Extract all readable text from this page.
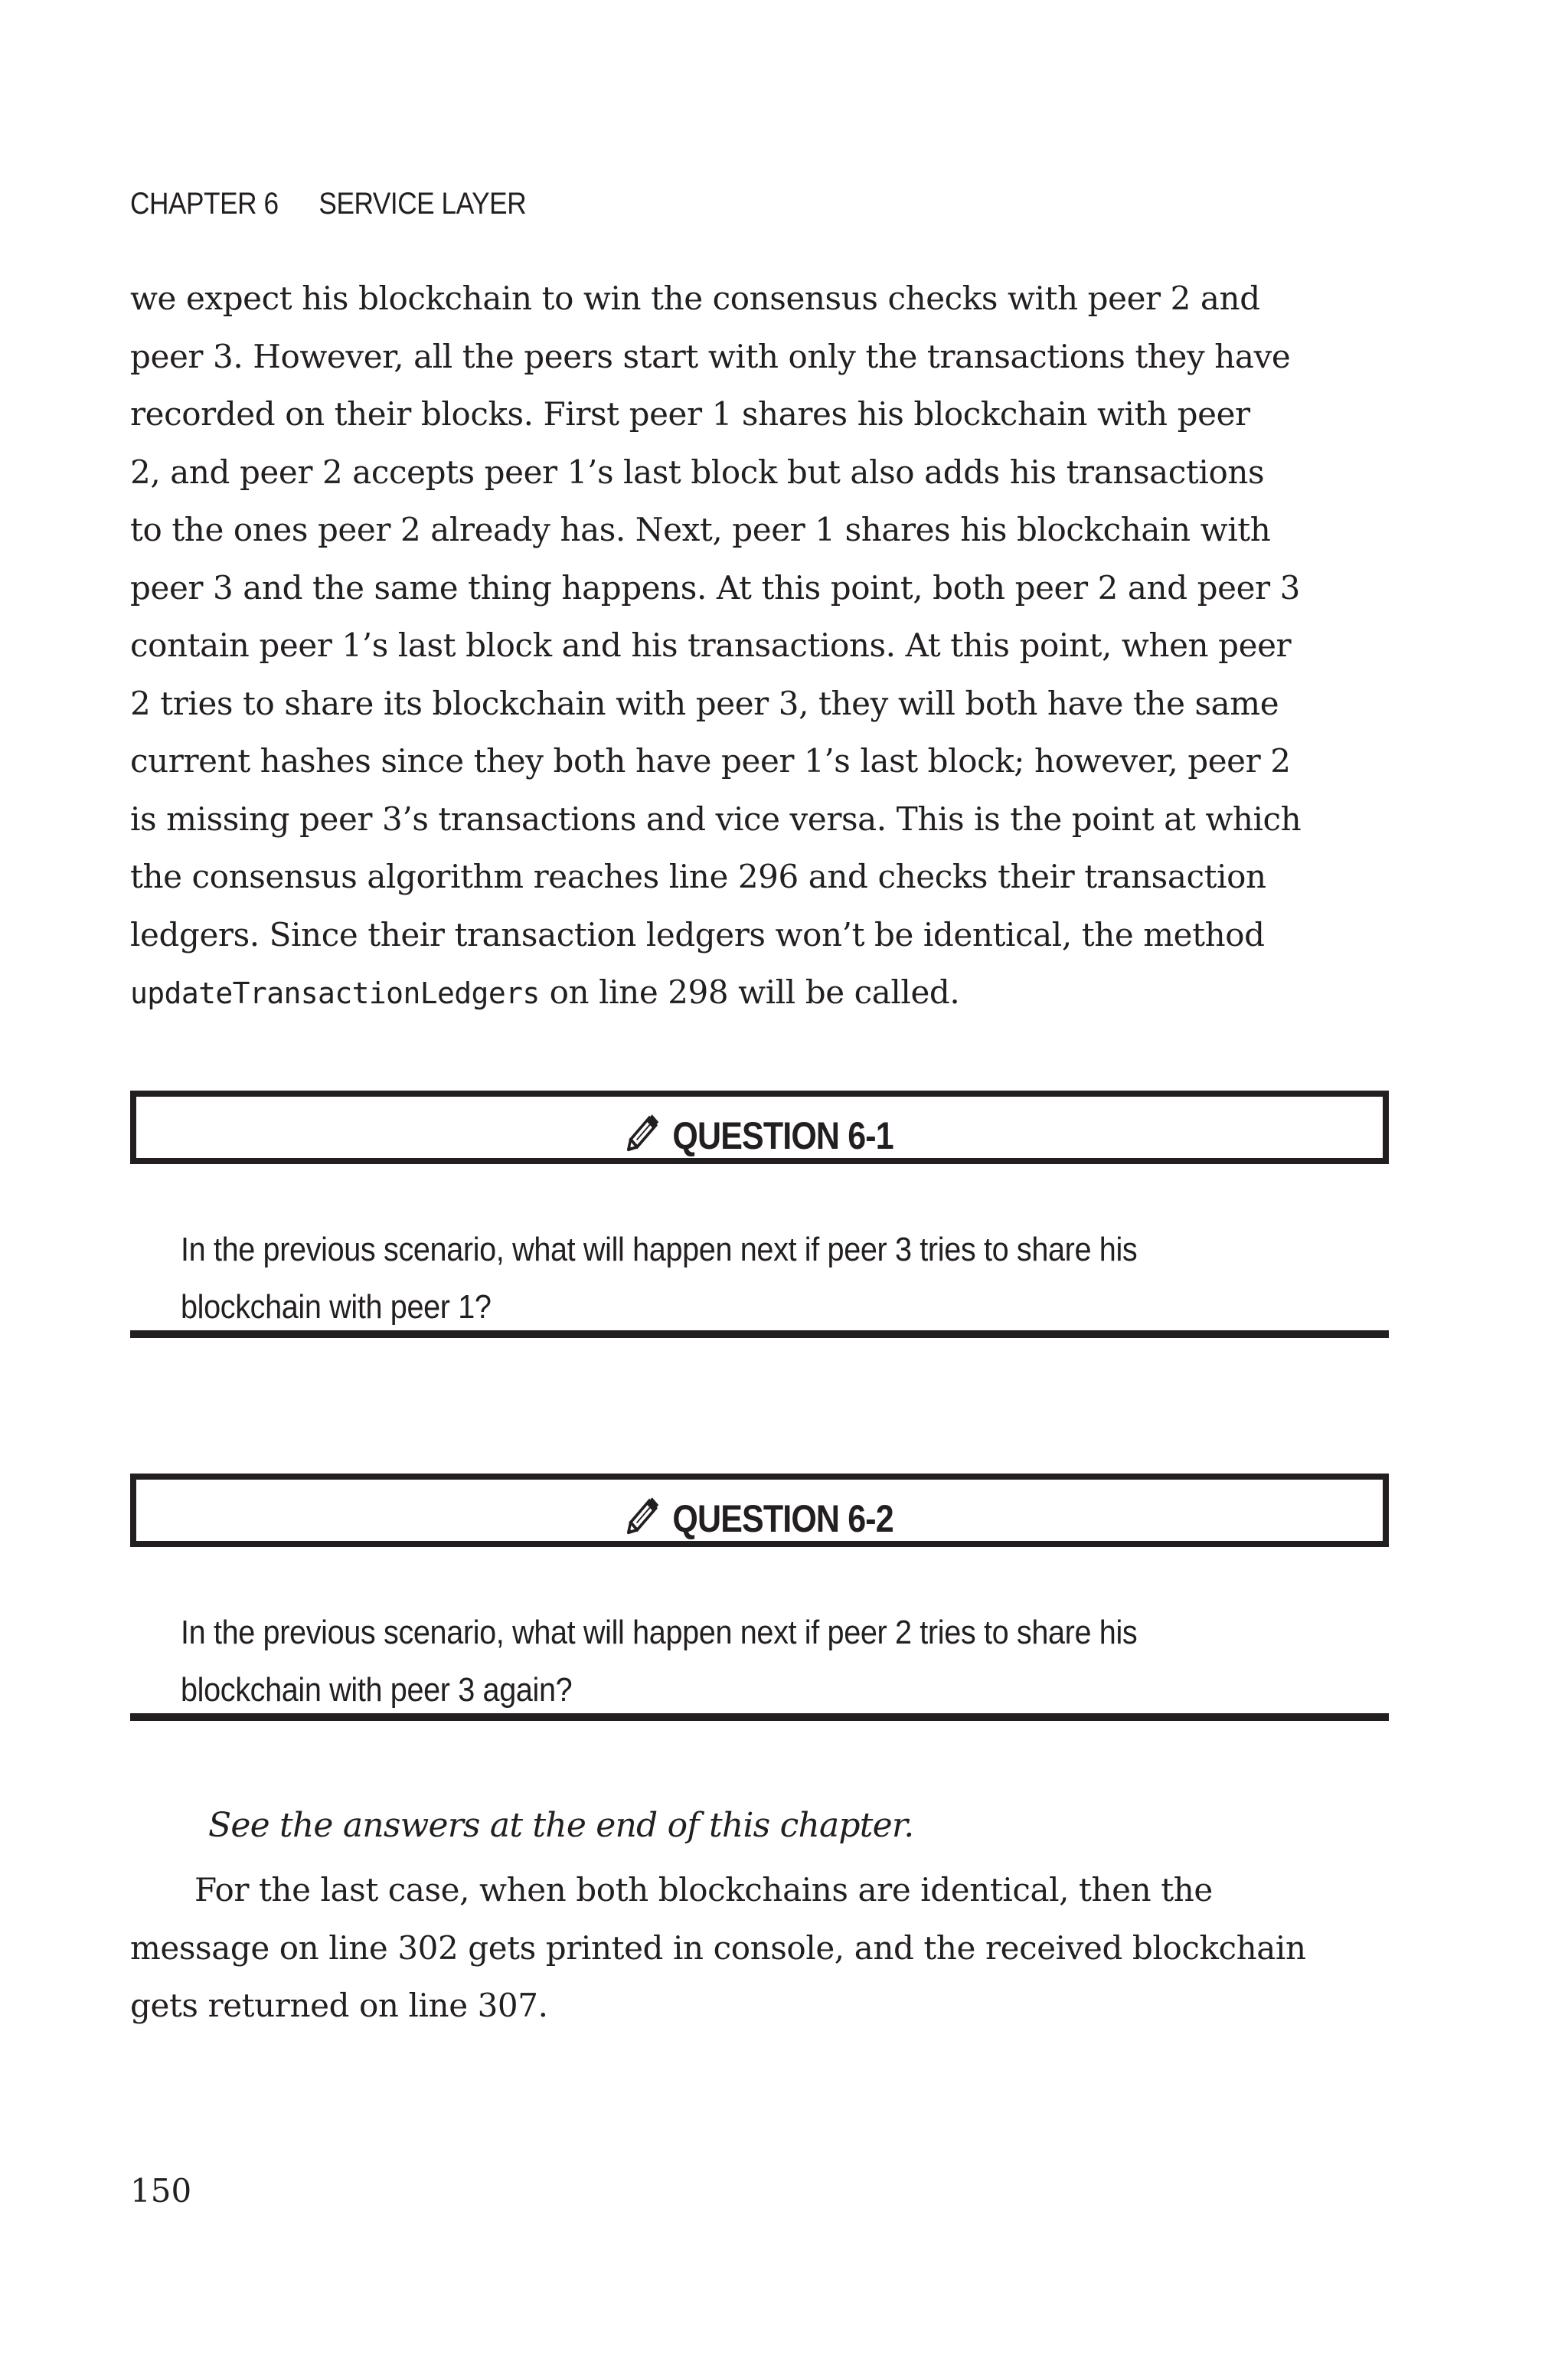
CHAPTER 6 SERVICE LAYER
we expect his blockchain to win the consensus checks with peer 2 and
peer 3. However, all the peers start with only the transactions they have
recorded on their blocks. First peer 1 shares his blockchain with peer
2, and peer 2 accepts peer 1’s last block but also adds his transactions
to the ones peer 2 already has. Next, peer 1 shares his blockchain with
peer 3 and the same thing happens. At this point, both peer 2 and peer 3
contain peer 1’s last block and his transactions. At this point, when peer
2 tries to share its blockchain with peer 3, they will both have the same
current hashes since they both have peer 1’s last block; however, peer 2
is missing peer 3’s transactions and vice versa. This is the point at which
the consensus algorithm reaches line 296 and checks their transaction
ledgers. Since their transaction ledgers won’t be identical, the method
updateTransactionLedgers on line 298 will be called.
QUESTION 6-1
In the previous scenario, what will happen next if peer 3 tries to share his
blockchain with peer 1?
QUESTION 6-2
In the previous scenario, what will happen next if peer 2 tries to share his
blockchain with peer 3 again?
See the answers at the end of this chapter.
For the last case, when both blockchains are identical, then the
message on line 302 gets printed in console, and the received blockchain
gets returned on line 307.
150
